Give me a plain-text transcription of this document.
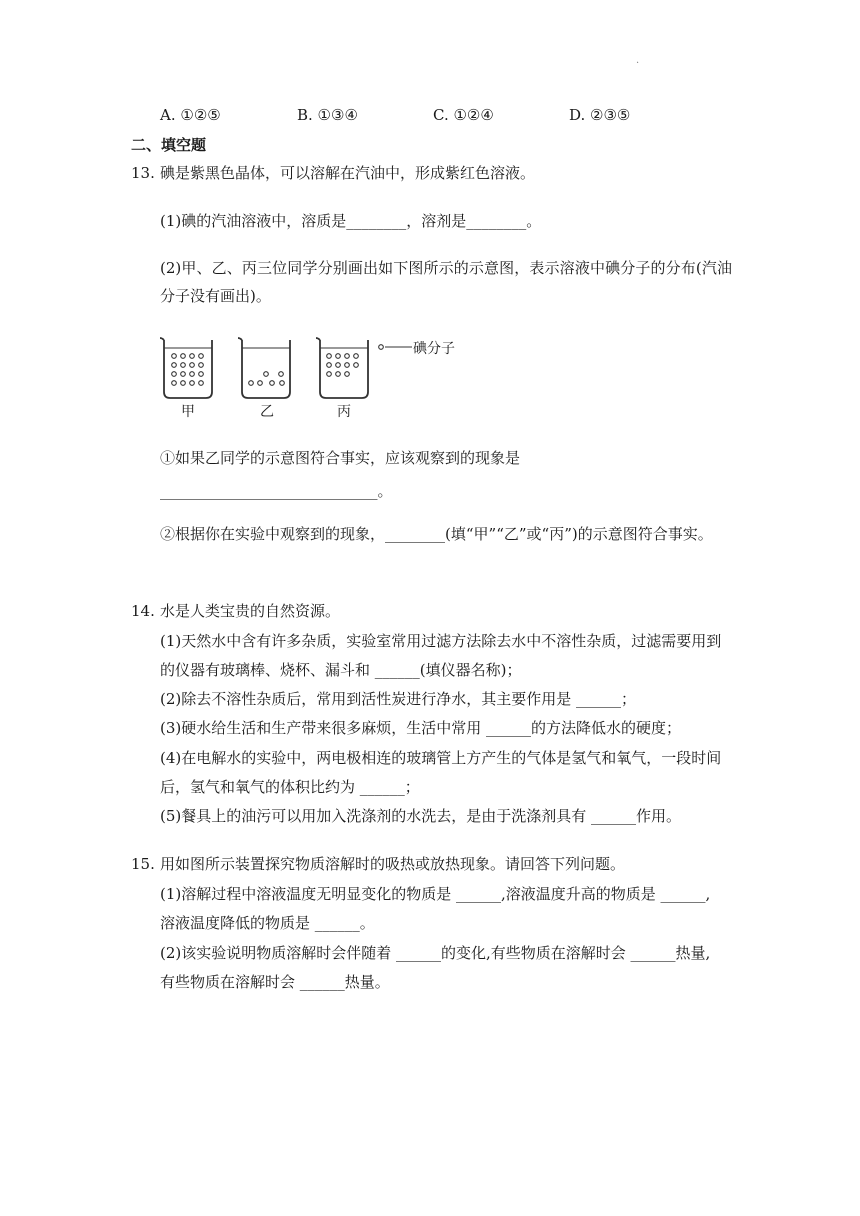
·
A. ①②⑤	B. ①③④	C. ①②④	D. ②③⑤
二、填空题
13. 碘是紫黑色晶体，可以溶解在汽油中，形成紫红色溶液。
(1)碘的汽油溶液中，溶质是________，溶剂是________。
(2)甲、乙、丙三位同学分别画出如下图所示的示意图，表示溶液中碘分子的分布(汽油分子没有画出)。
碘分子
甲	乙	丙
①如果乙同学的示意图符合事实，应该观察到的现象是
_____________________________。
②根据你在实验中观察到的现象，________(填“甲”“乙”或“丙”)的示意图符合事实。
14. 水是人类宝贵的自然资源。
(1)天然水中含有许多杂质，实验室常用过滤方法除去水中不溶性杂质，过滤需要用到
的仪器有玻璃棒、烧杯、漏斗和 ______(填仪器名称)；
(2)除去不溶性杂质后，常用到活性炭进行净水，其主要作用是 ______；
(3)硬水给生活和生产带来很多麻烦，生活中常用 ______的方法降低水的硬度；
(4)在电解水的实验中，两电极相连的玻璃管上方产生的气体是氢气和氧气，一段时间
后，氢气和氧气的体积比约为 ______；
(5)餐具上的油污可以用加入洗涤剂的水洗去，是由于洗涤剂具有 ______作用。
15. 用如图所示装置探究物质溶解时的吸热或放热现象。请回答下列问题。
(1)溶解过程中溶液温度无明显变化的物质是 ______,溶液温度升高的物质是 ______,
溶液温度降低的物质是 ______。
(2)该实验说明物质溶解时会伴随着 ______的变化,有些物质在溶解时会 ______热量,
有些物质在溶解时会 ______热量。
